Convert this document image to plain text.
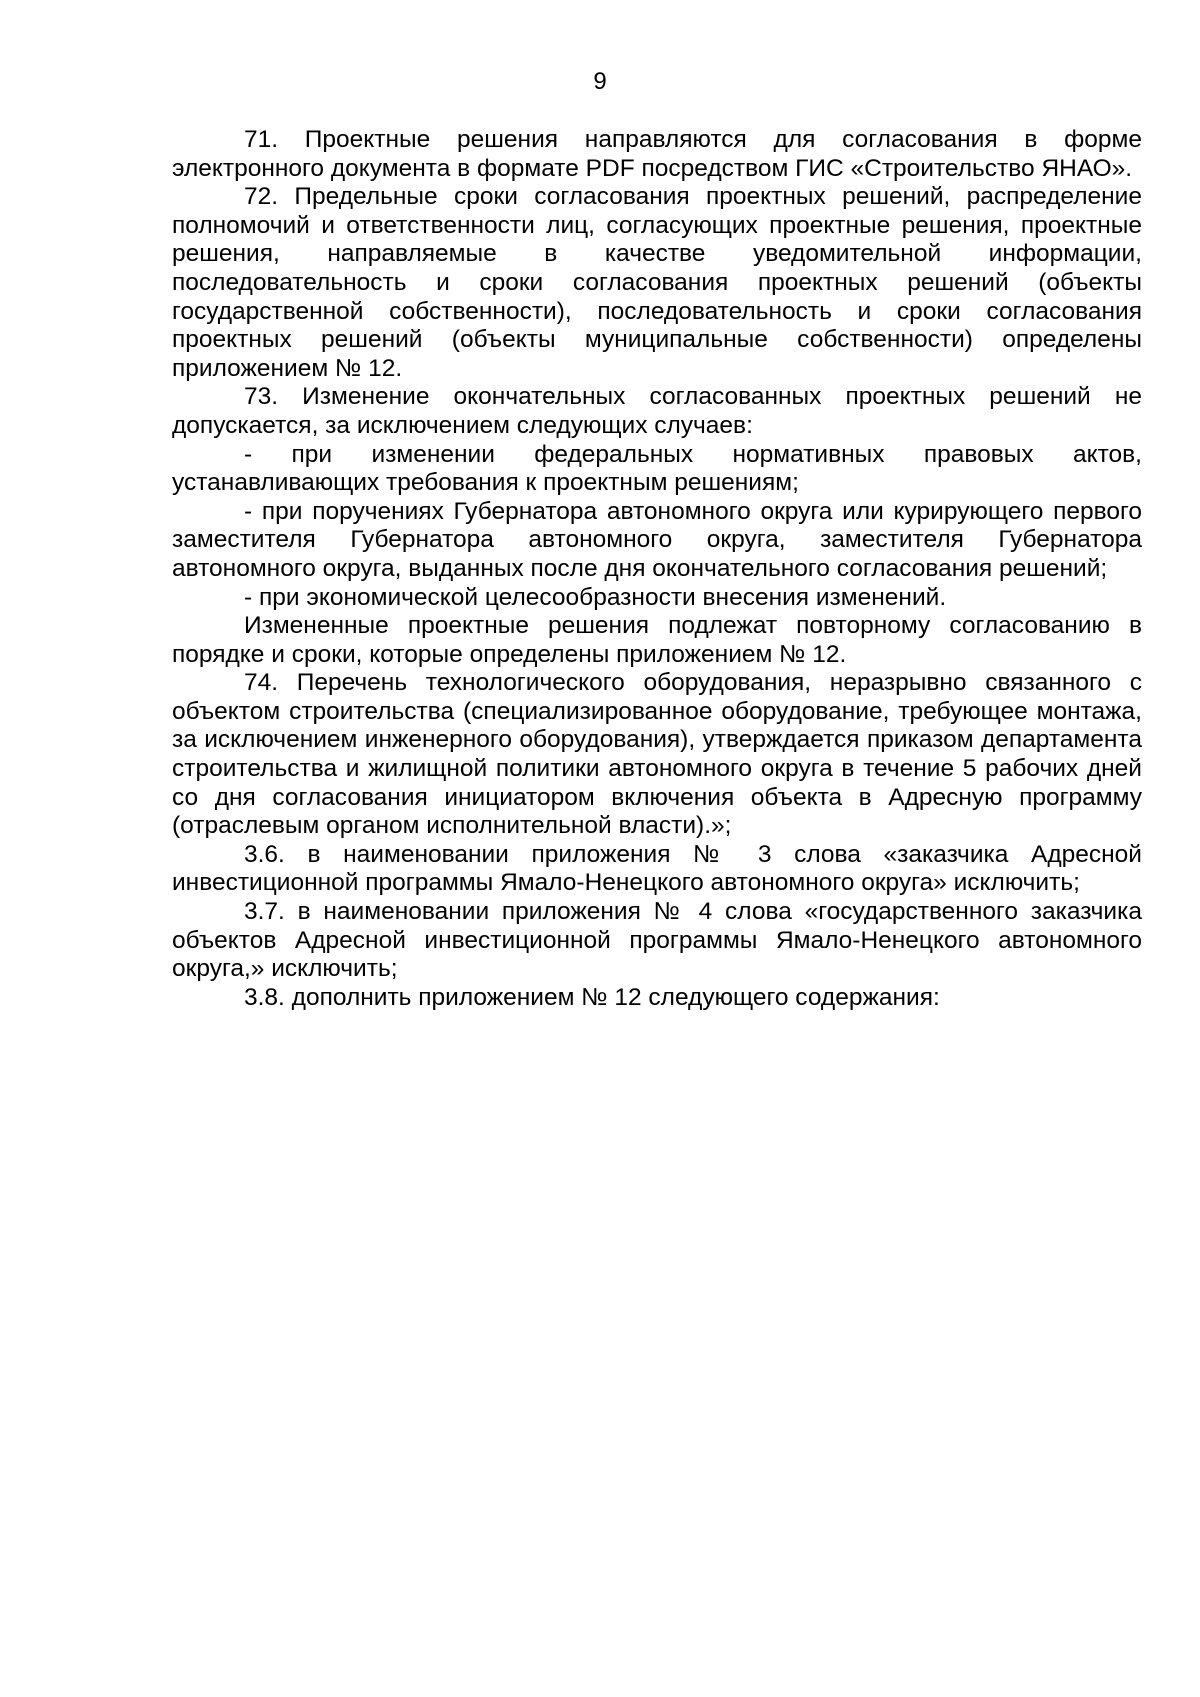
9

71. Проектные решения направляются для согласования в форме электронного документа в формате PDF посредством ГИС «Строительство ЯНАО».

72. Предельные сроки согласования проектных решений, распределение полномочий и ответственности лиц, согласующих проектные решения, проектные решения, направляемые в качестве уведомительной информации, последовательность и сроки согласования проектных решений (объекты государственной собственности), последовательность и сроки согласования проектных решений (объекты муниципальные собственности) определены приложением № 12.

73. Изменение окончательных согласованных проектных решений не допускается, за исключением следующих случаев:

- при изменении федеральных нормативных правовых актов, устанавливающих требования к проектным решениям;

- при поручениях Губернатора автономного округа или курирующего первого заместителя Губернатора автономного округа, заместителя Губернатора автономного округа, выданных после дня окончательного согласования решений;

- при экономической целесообразности внесения изменений.

Измененные проектные решения подлежат повторному согласованию в порядке и сроки, которые определены приложением № 12.

74. Перечень технологического оборудования, неразрывно связанного с объектом строительства (специализированное оборудование, требующее монтажа, за исключением инженерного оборудования), утверждается приказом департамента строительства и жилищной политики автономного округа в течение 5 рабочих дней со дня согласования инициатором включения объекта в Адресную программу (отраслевым органом исполнительной власти).»;

3.6. в наименовании приложения № 3 слова «заказчика Адресной инвестиционной программы Ямало-Ненецкого автономного округа» исключить;

3.7. в наименовании приложения № 4 слова «государственного заказчика объектов Адресной инвестиционной программы Ямало-Ненецкого автономного округа,» исключить;

3.8. дополнить приложением № 12 следующего содержания:
